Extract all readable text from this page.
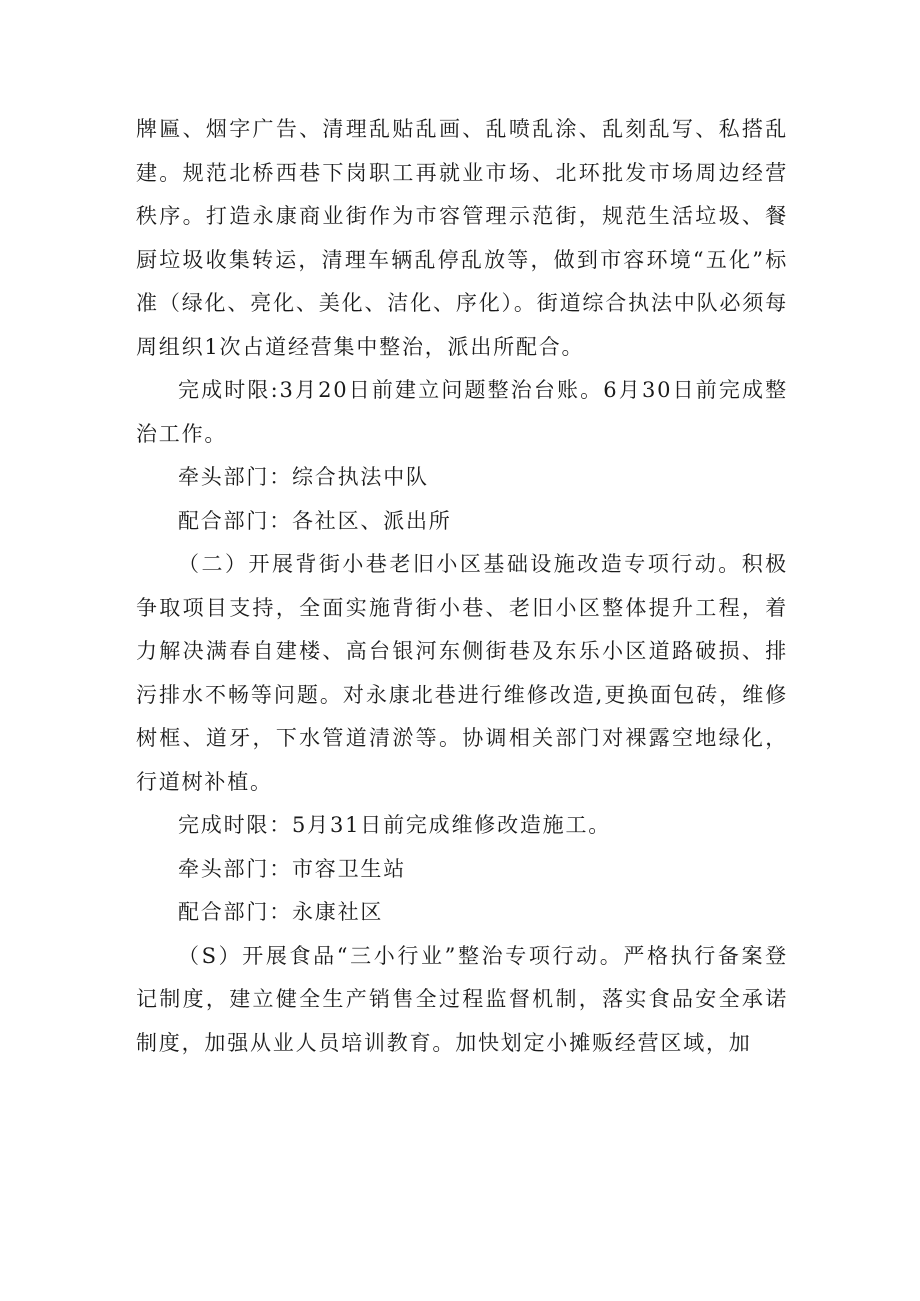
牌匾、烟字广告、清理乱贴乱画、乱喷乱涂、乱刻乱写、私搭乱建。规范北桥西巷下岗职工再就业市场、北环批发市场周边经营秩序。打造永康商业街作为市容管理示范街，规范生活垃圾、餐厨垃圾收集转运，清理车辆乱停乱放等，做到市容环境“五化”标准（绿化、亮化、美化、洁化、序化）。街道综合执法中队必须每周组织1次占道经营集中整治，派出所配合。

完成时限:3月20日前建立问题整治台账。6月30日前完成整治工作。

牵头部门：综合执法中队

配合部门：各社区、派出所

（二）开展背街小巷老旧小区基础设施改造专项行动。积极争取项目支持，全面实施背街小巷、老旧小区整体提升工程，着力解决满春自建楼、高台银河东侧街巷及东乐小区道路破损、排污排水不畅等问题。对永康北巷进行维修改造,更换面包砖，维修树框、道牙，下水管道清淤等。协调相关部门对裸露空地绿化，行道树补植。

完成时限：5月31日前完成维修改造施工。

牵头部门：市容卫生站

配合部门：永康社区

（S）开展食品“三小行业”整治专项行动。严格执行备案登记制度，建立健全生产销售全过程监督机制，落实食品安全承诺制度，加强从业人员培训教育。加快划定小摊贩经营区域，加
